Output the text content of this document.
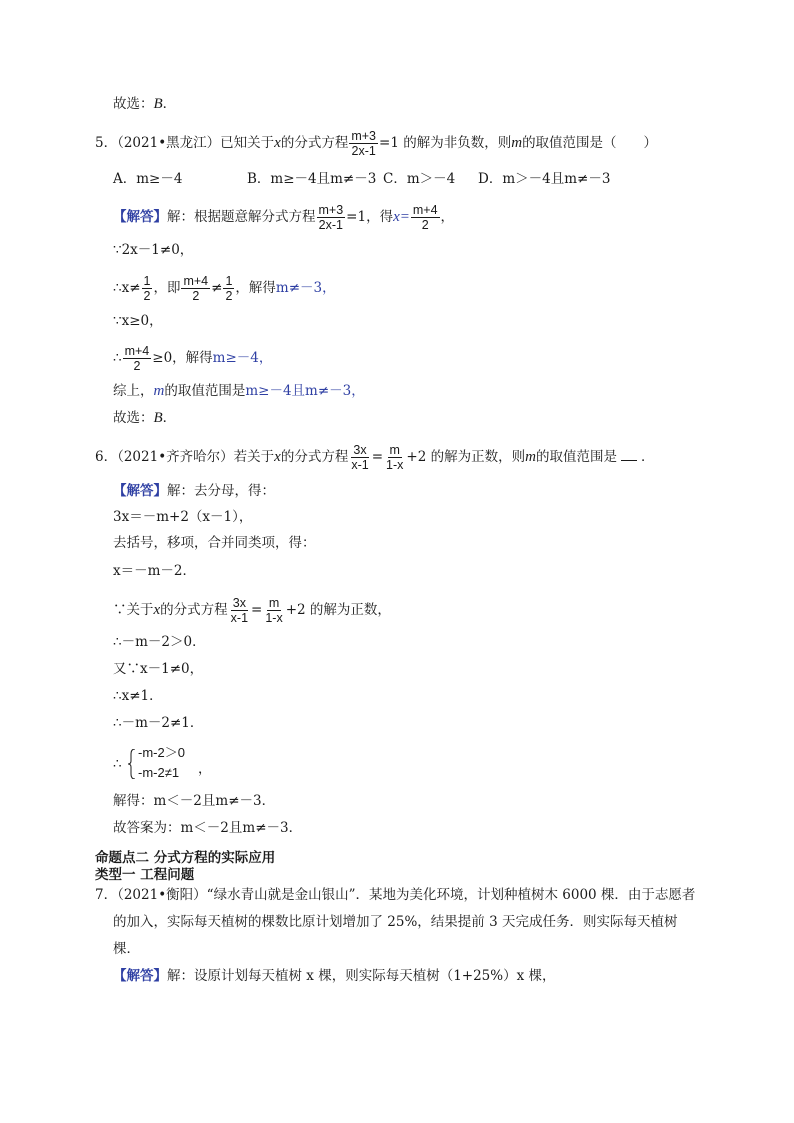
故选：B．
5．（2021•黑龙江）已知关于x的分式方程 $\frac{m+3}{2x-1} =1$ 的解为非负数，则m的取值范围是（　　）
A．m≥－4	B．m≥－4且m≠－3 C．m＞－4 D．m＞－4且m≠－3
【解答】解：根据题意解分式方程 $\frac{m+3}{2x-1} =1$，得$x= \frac{m+4}{2}$ ，
∵2x－1≠0，
∴x≠ $\frac{1}{2}$ ，即 $\frac{m+4}{2} \ne \frac{1}{2}$ ，解得m≠－3，
∵x≥0，
∴ $\frac{m+4}{2} \ge 0$，解得m≥－4，
综上，m的取值范围是m≥－4且m≠－3，
故选：B．
6．（2021•齐齐哈尔）若关于x的分式方程 $\frac{3x}{x-1} = \frac{m}{1-x} +2$ 的解为正数，则m的取值范围是 ．
【解答】解：去分母，得：
3x＝－m+2（x－1），
去括号，移项，合并同类项，得：
x＝－m－2．
∵关于x的分式方程 $\frac{3x}{x-1} = \frac{m}{1-x} +2$ 的解为正数，
∴－m－2＞0．
又∵x－1≠0，
∴x≠1．
∴－m－2≠1．
∴
-m-2＞0
-m-2≠1 ，
解得：m＜－2且m≠－3．
故答案为：m＜－2且m≠－3．
命题点二 分式方程的实际应用
类型一 工程问题
7．（2021•衡阳）“绿水青山就是金山银山”．某地为美化环境，计划种植树木 6000 棵．由于志愿者
的加入，实际每天植树的棵数比原计划增加了 25%，结果提前 3 天完成任务．则实际每天植树
棵．
【解答】解：设原计划每天植树 x 棵，则实际每天植树（1+25%）x 棵，
